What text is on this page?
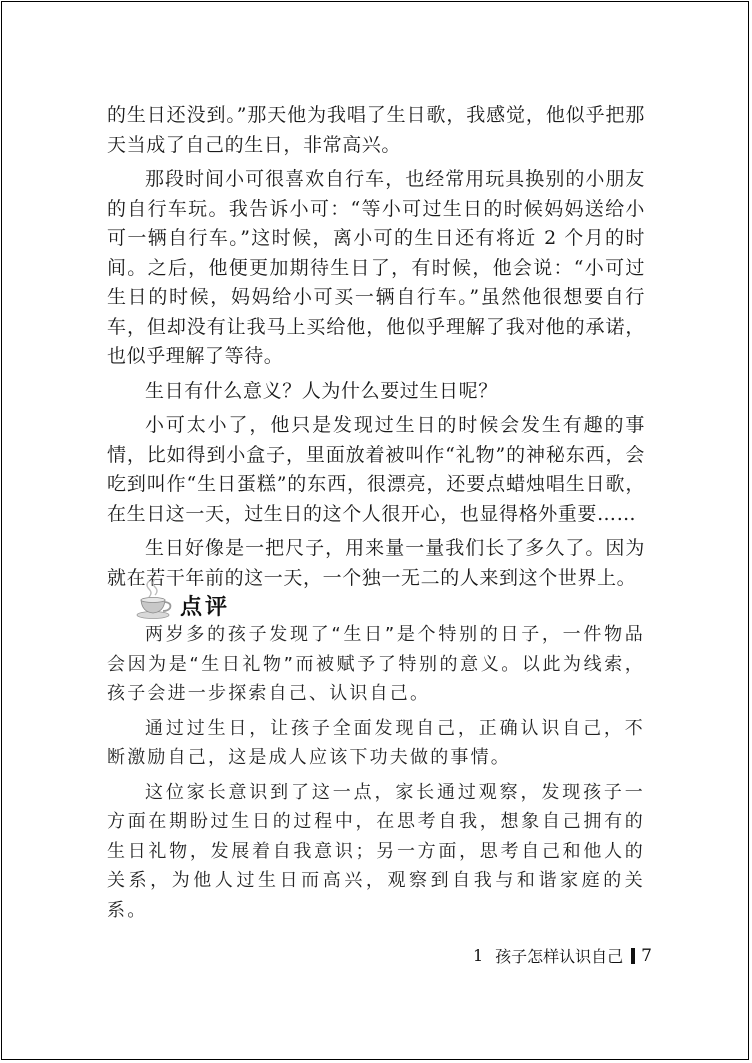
的生日还没到。”那天他为我唱了生日歌，我感觉，他似乎把那天当成了自己的生日，非常高兴。

那段时间小可很喜欢自行车，也经常用玩具换别的小朋友的自行车玩。我告诉小可：“等小可过生日的时候妈妈送给小可一辆自行车。”这时候，离小可的生日还有将近 2 个月的时间。之后，他便更加期待生日了，有时候，他会说：“小可过生日的时候，妈妈给小可买一辆自行车。”虽然他很想要自行车，但却没有让我马上买给他，他似乎理解了我对他的承诺，也似乎理解了等待。

生日有什么意义？人为什么要过生日呢？

小可太小了，他只是发现过生日的时候会发生有趣的事情，比如得到小盒子，里面放着被叫作“礼物”的神秘东西，会吃到叫作“生日蛋糕”的东西，很漂亮，还要点蜡烛唱生日歌，在生日这一天，过生日的这个人很开心，也显得格外重要……

生日好像是一把尺子，用来量一量我们长了多久了。因为就在若干年前的这一天，一个独一无二的人来到这个世界上。

点评

两岁多的孩子发现了“生日”是个特别的日子，一件物品会因为是“生日礼物”而被赋予了特别的意义。以此为线索，孩子会进一步探索自己、认识自己。

通过过生日，让孩子全面发现自己，正确认识自己，不断激励自己，这是成人应该下功夫做的事情。

这位家长意识到了这一点，家长通过观察，发现孩子一方面在期盼过生日的过程中，在思考自我，想象自己拥有的生日礼物，发展着自我意识；另一方面，思考自己和他人的关系，为他人过生日而高兴，观察到自我与和谐家庭的关系。

1 孩子怎样认识自己 7
